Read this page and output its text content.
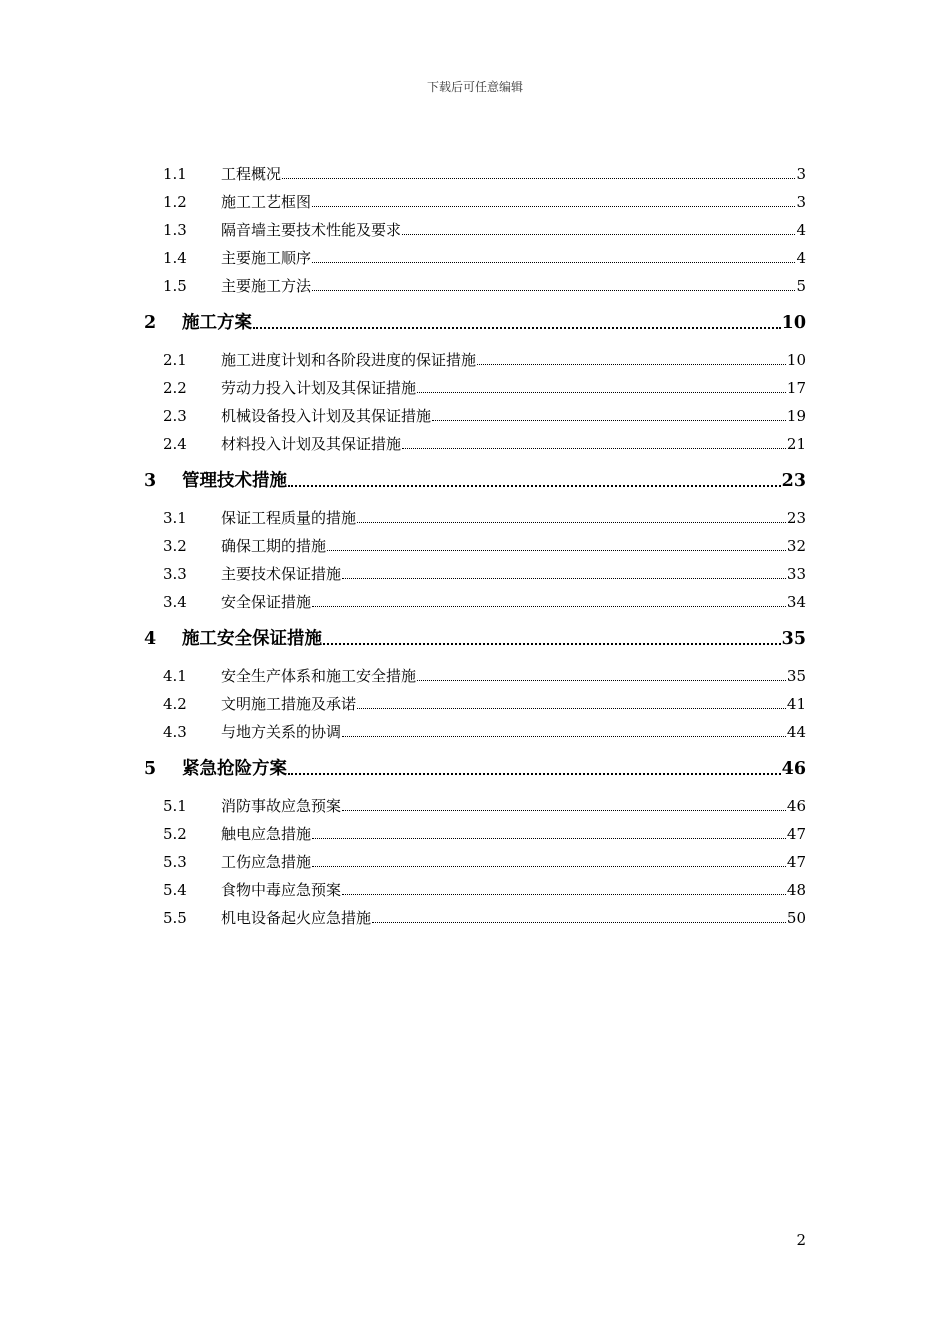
下载后可任意编辑
1.1	工程概况	3
1.2	施工工艺框图	3
1.3	隔音墙主要技术性能及要求	4
1.4	主要施工顺序	4
1.5	主要施工方法	5
2	施工方案	10
2.1	施工进度计划和各阶段进度的保证措施	10
2.2	劳动力投入计划及其保证措施	17
2.3	机械设备投入计划及其保证措施	19
2.4	材料投入计划及其保证措施	21
3	管理技术措施	23
3.1	保证工程质量的措施	23
3.2	确保工期的措施	32
3.3	主要技术保证措施	33
3.4	安全保证措施	34
4	施工安全保证措施	35
4.1	安全生产体系和施工安全措施	35
4.2	文明施工措施及承诺	41
4.3	与地方关系的协调	44
5	紧急抢险方案	46
5.1	消防事故应急预案	46
5.2	触电应急措施	47
5.3	工伤应急措施	47
5.4	食物中毒应急预案	48
5.5	机电设备起火应急措施	50
2
